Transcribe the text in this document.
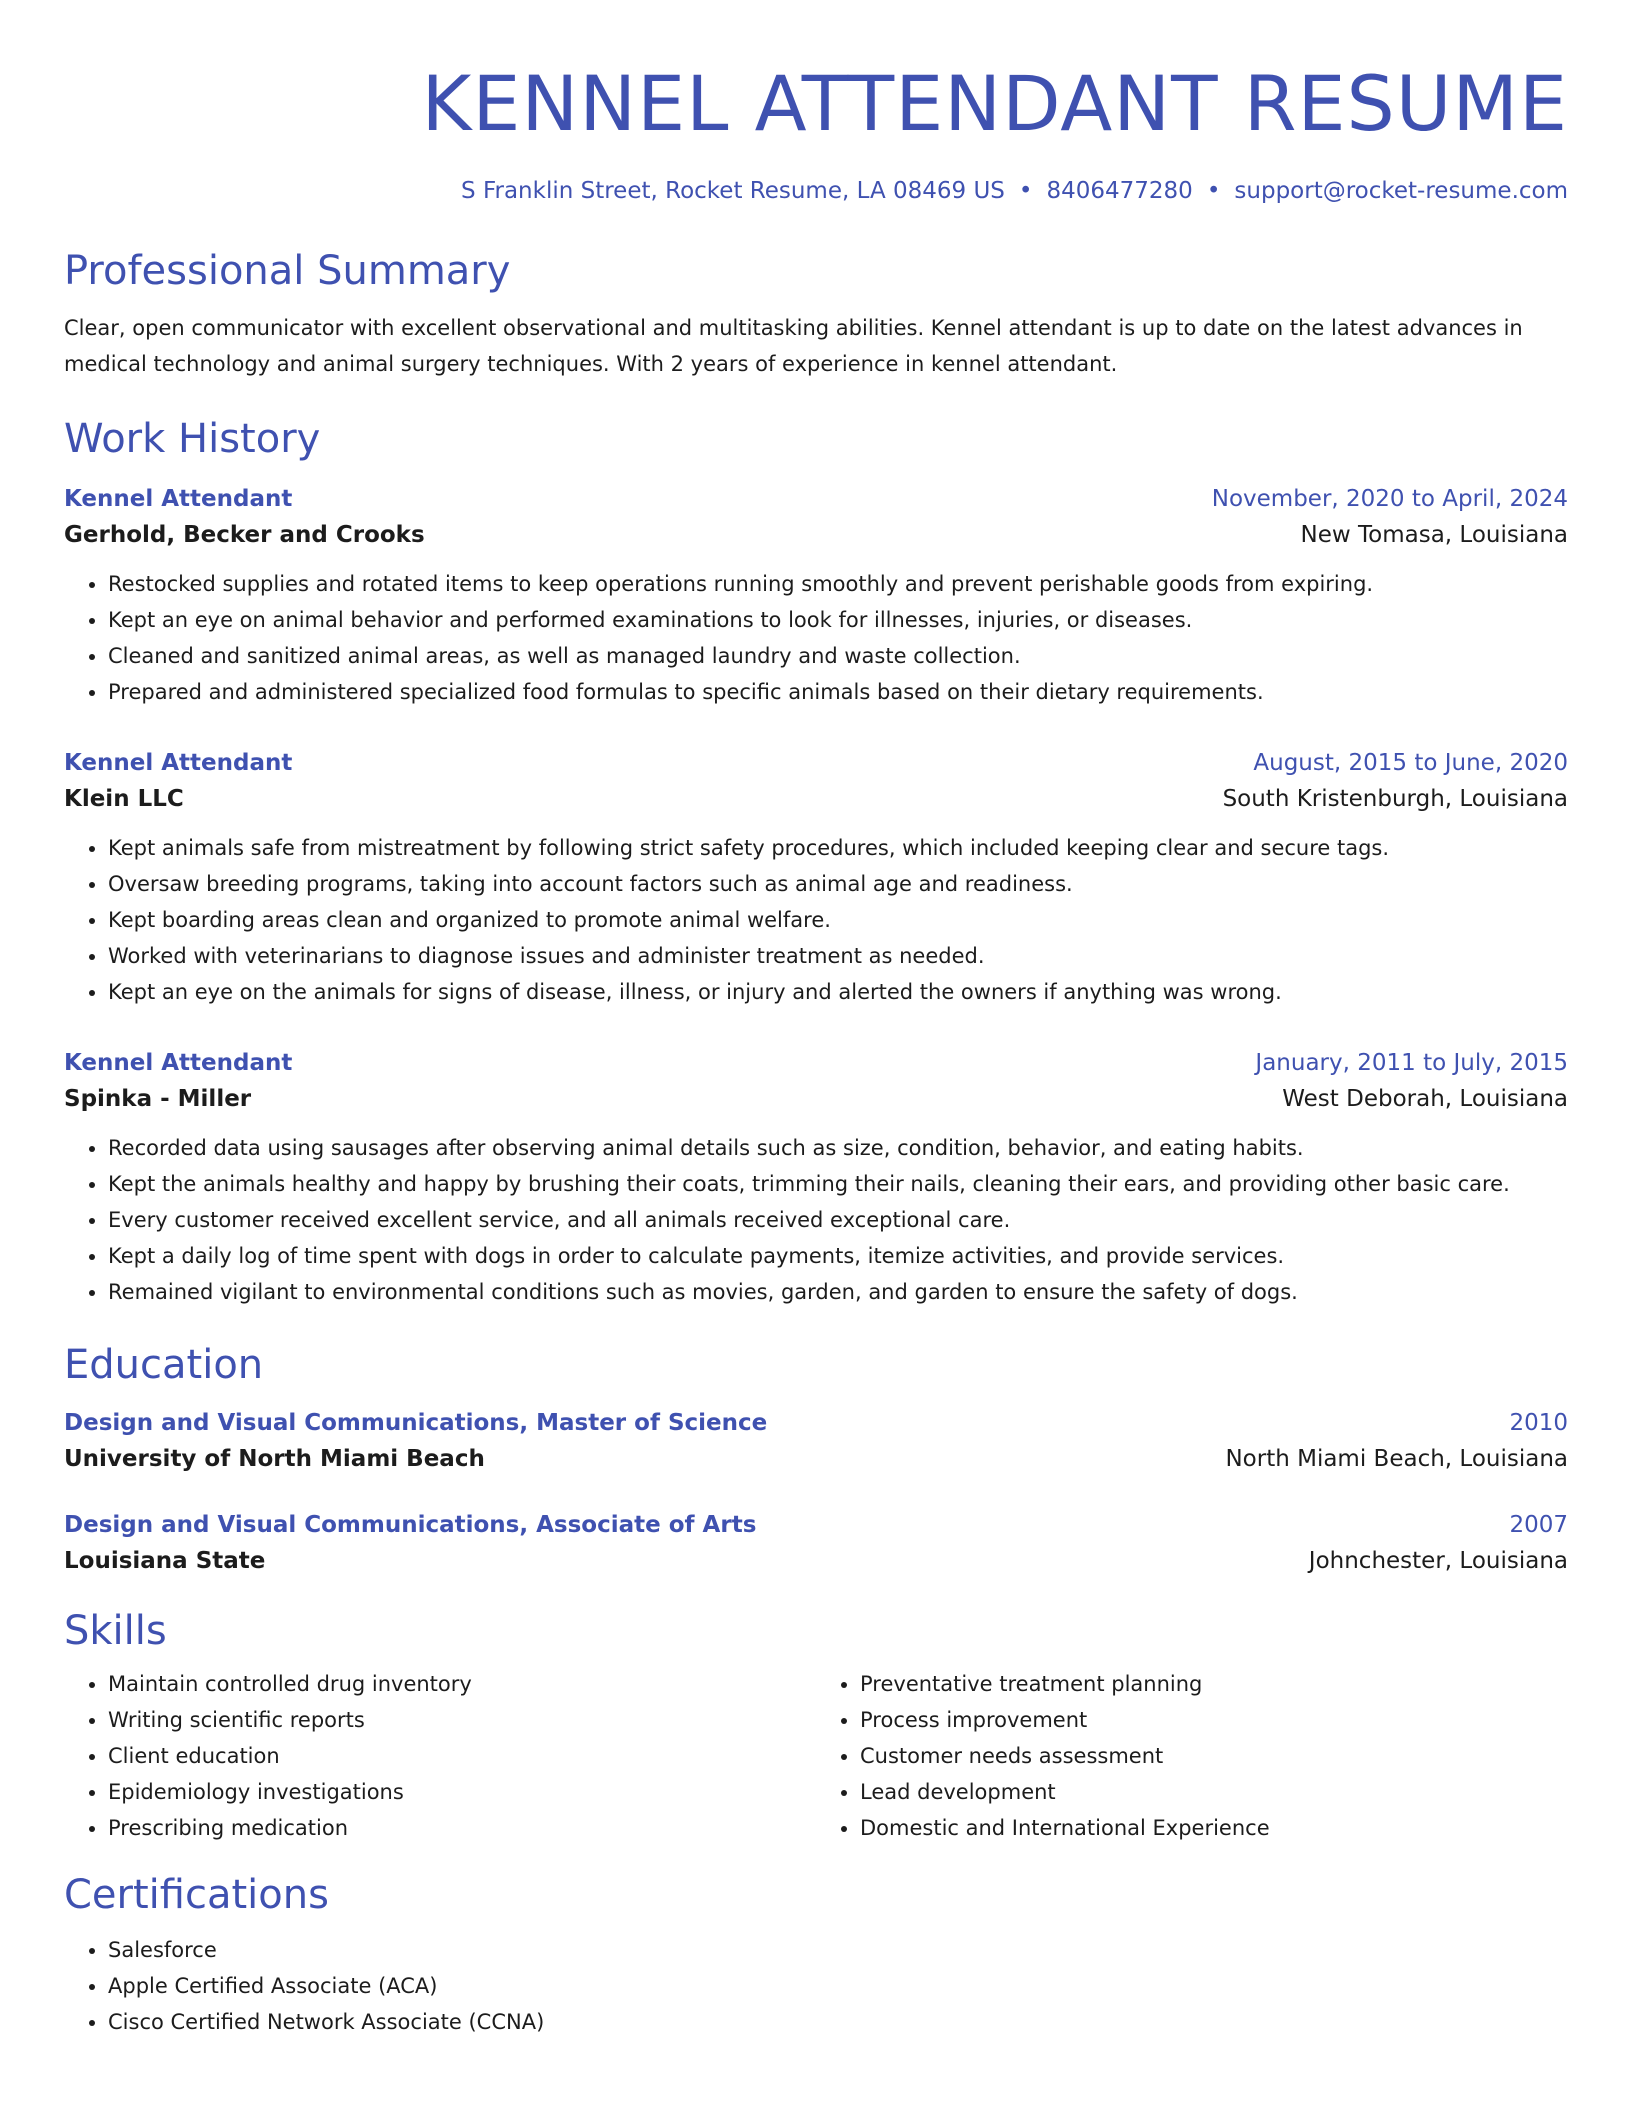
KENNEL ATTENDANT RESUME
S Franklin Street, Rocket Resume, LA 08469 US • 8406477280 • support@rocket-resume.com
Professional Summary
Clear, open communicator with excellent observational and multitasking abilities. Kennel attendant is up to date on the latest advances in medical technology and animal surgery techniques. With 2 years of experience in kennel attendant.
Work History
Kennel Attendant	November, 2020 to April, 2024
Gerhold, Becker and Crooks	New Tomasa, Louisiana
• Restocked supplies and rotated items to keep operations running smoothly and prevent perishable goods from expiring.
• Kept an eye on animal behavior and performed examinations to look for illnesses, injuries, or diseases.
• Cleaned and sanitized animal areas, as well as managed laundry and waste collection.
• Prepared and administered specialized food formulas to specific animals based on their dietary requirements.
Kennel Attendant	August, 2015 to June, 2020
Klein LLC	South Kristenburgh, Louisiana
• Kept animals safe from mistreatment by following strict safety procedures, which included keeping clear and secure tags.
• Oversaw breeding programs, taking into account factors such as animal age and readiness.
• Kept boarding areas clean and organized to promote animal welfare.
• Worked with veterinarians to diagnose issues and administer treatment as needed.
• Kept an eye on the animals for signs of disease, illness, or injury and alerted the owners if anything was wrong.
Kennel Attendant	January, 2011 to July, 2015
Spinka - Miller	West Deborah, Louisiana
• Recorded data using sausages after observing animal details such as size, condition, behavior, and eating habits.
• Kept the animals healthy and happy by brushing their coats, trimming their nails, cleaning their ears, and providing other basic care.
• Every customer received excellent service, and all animals received exceptional care.
• Kept a daily log of time spent with dogs in order to calculate payments, itemize activities, and provide services.
• Remained vigilant to environmental conditions such as movies, garden, and garden to ensure the safety of dogs.
Education
Design and Visual Communications, Master of Science	2010
University of North Miami Beach	North Miami Beach, Louisiana
Design and Visual Communications, Associate of Arts	2007
Louisiana State	Johnchester, Louisiana
Skills
• Maintain controlled drug inventory
• Writing scientific reports
• Client education
• Epidemiology investigations
• Prescribing medication
• Preventative treatment planning
• Process improvement
• Customer needs assessment
• Lead development
• Domestic and International Experience
Certifications
• Salesforce
• Apple Certified Associate (ACA)
• Cisco Certified Network Associate (CCNA)
